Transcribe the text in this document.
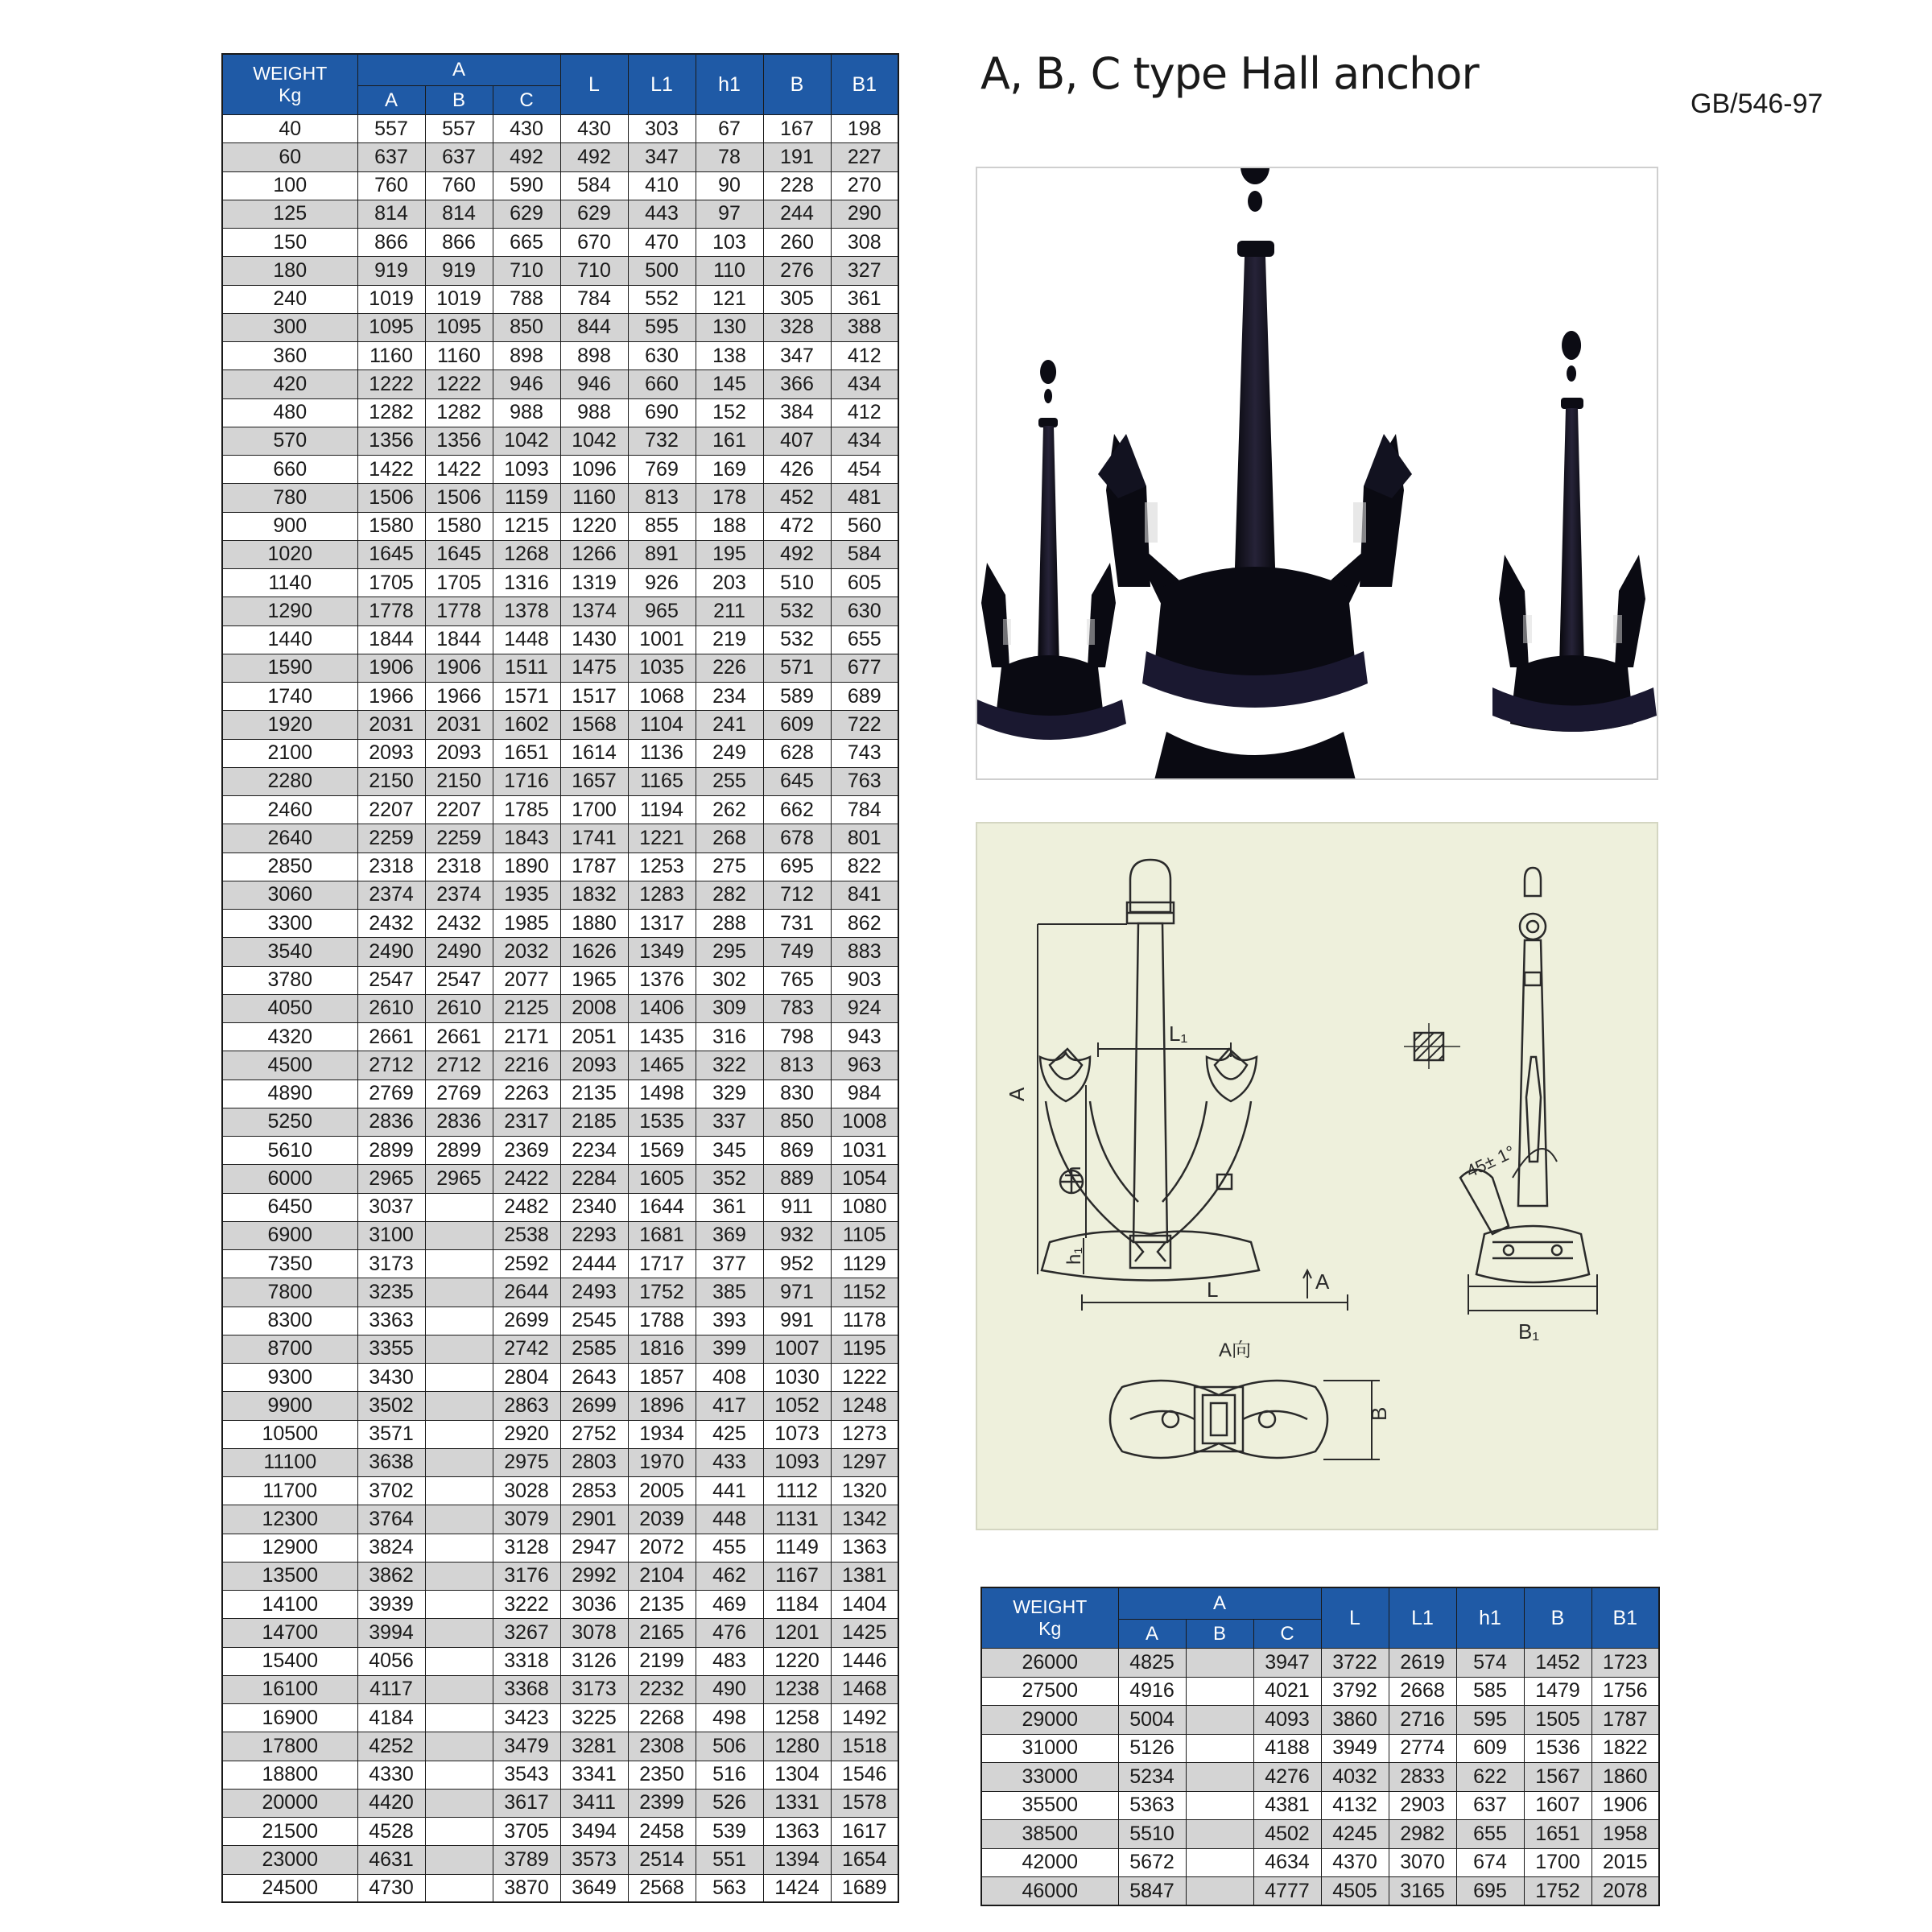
A, B, C type Hall anchor
GB/546-97
WEIGHT
Kg	A			L	L1	h1	B	B1
	A	B	C					
40	557	557	430	430	303	67	167	198
60	637	637	492	492	347	78	191	227
100	760	760	590	584	410	90	228	270
125	814	814	629	629	443	97	244	290
150	866	866	665	670	470	103	260	308
180	919	919	710	710	500	110	276	327
240	1019	1019	788	784	552	121	305	361
300	1095	1095	850	844	595	130	328	388
360	1160	1160	898	898	630	138	347	412
420	1222	1222	946	946	660	145	366	434
480	1282	1282	988	988	690	152	384	412
570	1356	1356	1042	1042	732	161	407	434
660	1422	1422	1093	1096	769	169	426	454
780	1506	1506	1159	1160	813	178	452	481
900	1580	1580	1215	1220	855	188	472	560
1020	1645	1645	1268	1266	891	195	492	584
1140	1705	1705	1316	1319	926	203	510	605
1290	1778	1778	1378	1374	965	211	532	630
1440	1844	1844	1448	1430	1001	219	532	655
1590	1906	1906	1511	1475	1035	226	571	677
1740	1966	1966	1571	1517	1068	234	589	689
1920	2031	2031	1602	1568	1104	241	609	722
2100	2093	2093	1651	1614	1136	249	628	743
2280	2150	2150	1716	1657	1165	255	645	763
2460	2207	2207	1785	1700	1194	262	662	784
2640	2259	2259	1843	1741	1221	268	678	801
2850	2318	2318	1890	1787	1253	275	695	822
3060	2374	2374	1935	1832	1283	282	712	841
3300	2432	2432	1985	1880	1317	288	731	862
3540	2490	2490	2032	1626	1349	295	749	883
3780	2547	2547	2077	1965	1376	302	765	903
4050	2610	2610	2125	2008	1406	309	783	924
4320	2661	2661	2171	2051	1435	316	798	943
4500	2712	2712	2216	2093	1465	322	813	963
4890	2769	2769	2263	2135	1498	329	830	984
5250	2836	2836	2317	2185	1535	337	850	1008
5610	2899	2899	2369	2234	1569	345	869	1031
6000	2965	2965	2422	2284	1605	352	889	1054
6450	3037		2482	2340	1644	361	911	1080
6900	3100		2538	2293	1681	369	932	1105
7350	3173		2592	2444	1717	377	952	1129
7800	3235		2644	2493	1752	385	971	1152
8300	3363		2699	2545	1788	393	991	1178
8700	3355		2742	2585	1816	399	1007	1195
9300	3430		2804	2643	1857	408	1030	1222
9900	3502		2863	2699	1896	417	1052	1248
10500	3571		2920	2752	1934	425	1073	1273
11100	3638		2975	2803	1970	433	1093	1297
11700	3702		3028	2853	2005	441	1112	1320
12300	3764		3079	2901	2039	448	1131	1342
12900	3824		3128	2947	2072	455	1149	1363
13500	3862		3176	2992	2104	462	1167	1381
14100	3939		3222	3036	2135	469	1184	1404
14700	3994		3267	3078	2165	476	1201	1425
15400	4056		3318	3126	2199	483	1220	1446
16100	4117		3368	3173	2232	490	1238	1468
16900	4184		3423	3225	2268	498	1258	1492
17800	4252		3479	3281	2308	506	1280	1518
18800	4330		3543	3341	2350	516	1304	1546
20000	4420		3617	3411	2399	526	1331	1578
21500	4528		3705	3494	2458	539	1363	1617
23000	4631		3789	3573	2514	551	1394	1654
24500	4730		3870	3649	2568	563	1424	1689
A
L₁
h
h₁
L	A
45± 1°
B₁
A向
B
WEIGHT
Kg	A			L	L1	h1	B	B1
	A	B	C					
26000	4825		3947	3722	2619	574	1452	1723
27500	4916		4021	3792	2668	585	1479	1756
29000	5004		4093	3860	2716	595	1505	1787
31000	5126		4188	3949	2774	609	1536	1822
33000	5234		4276	4032	2833	622	1567	1860
35500	5363		4381	4132	2903	637	1607	1906
38500	5510		4502	4245	2982	655	1651	1958
42000	5672		4634	4370	3070	674	1700	2015
46000	5847		4777	4505	3165	695	1752	2078
